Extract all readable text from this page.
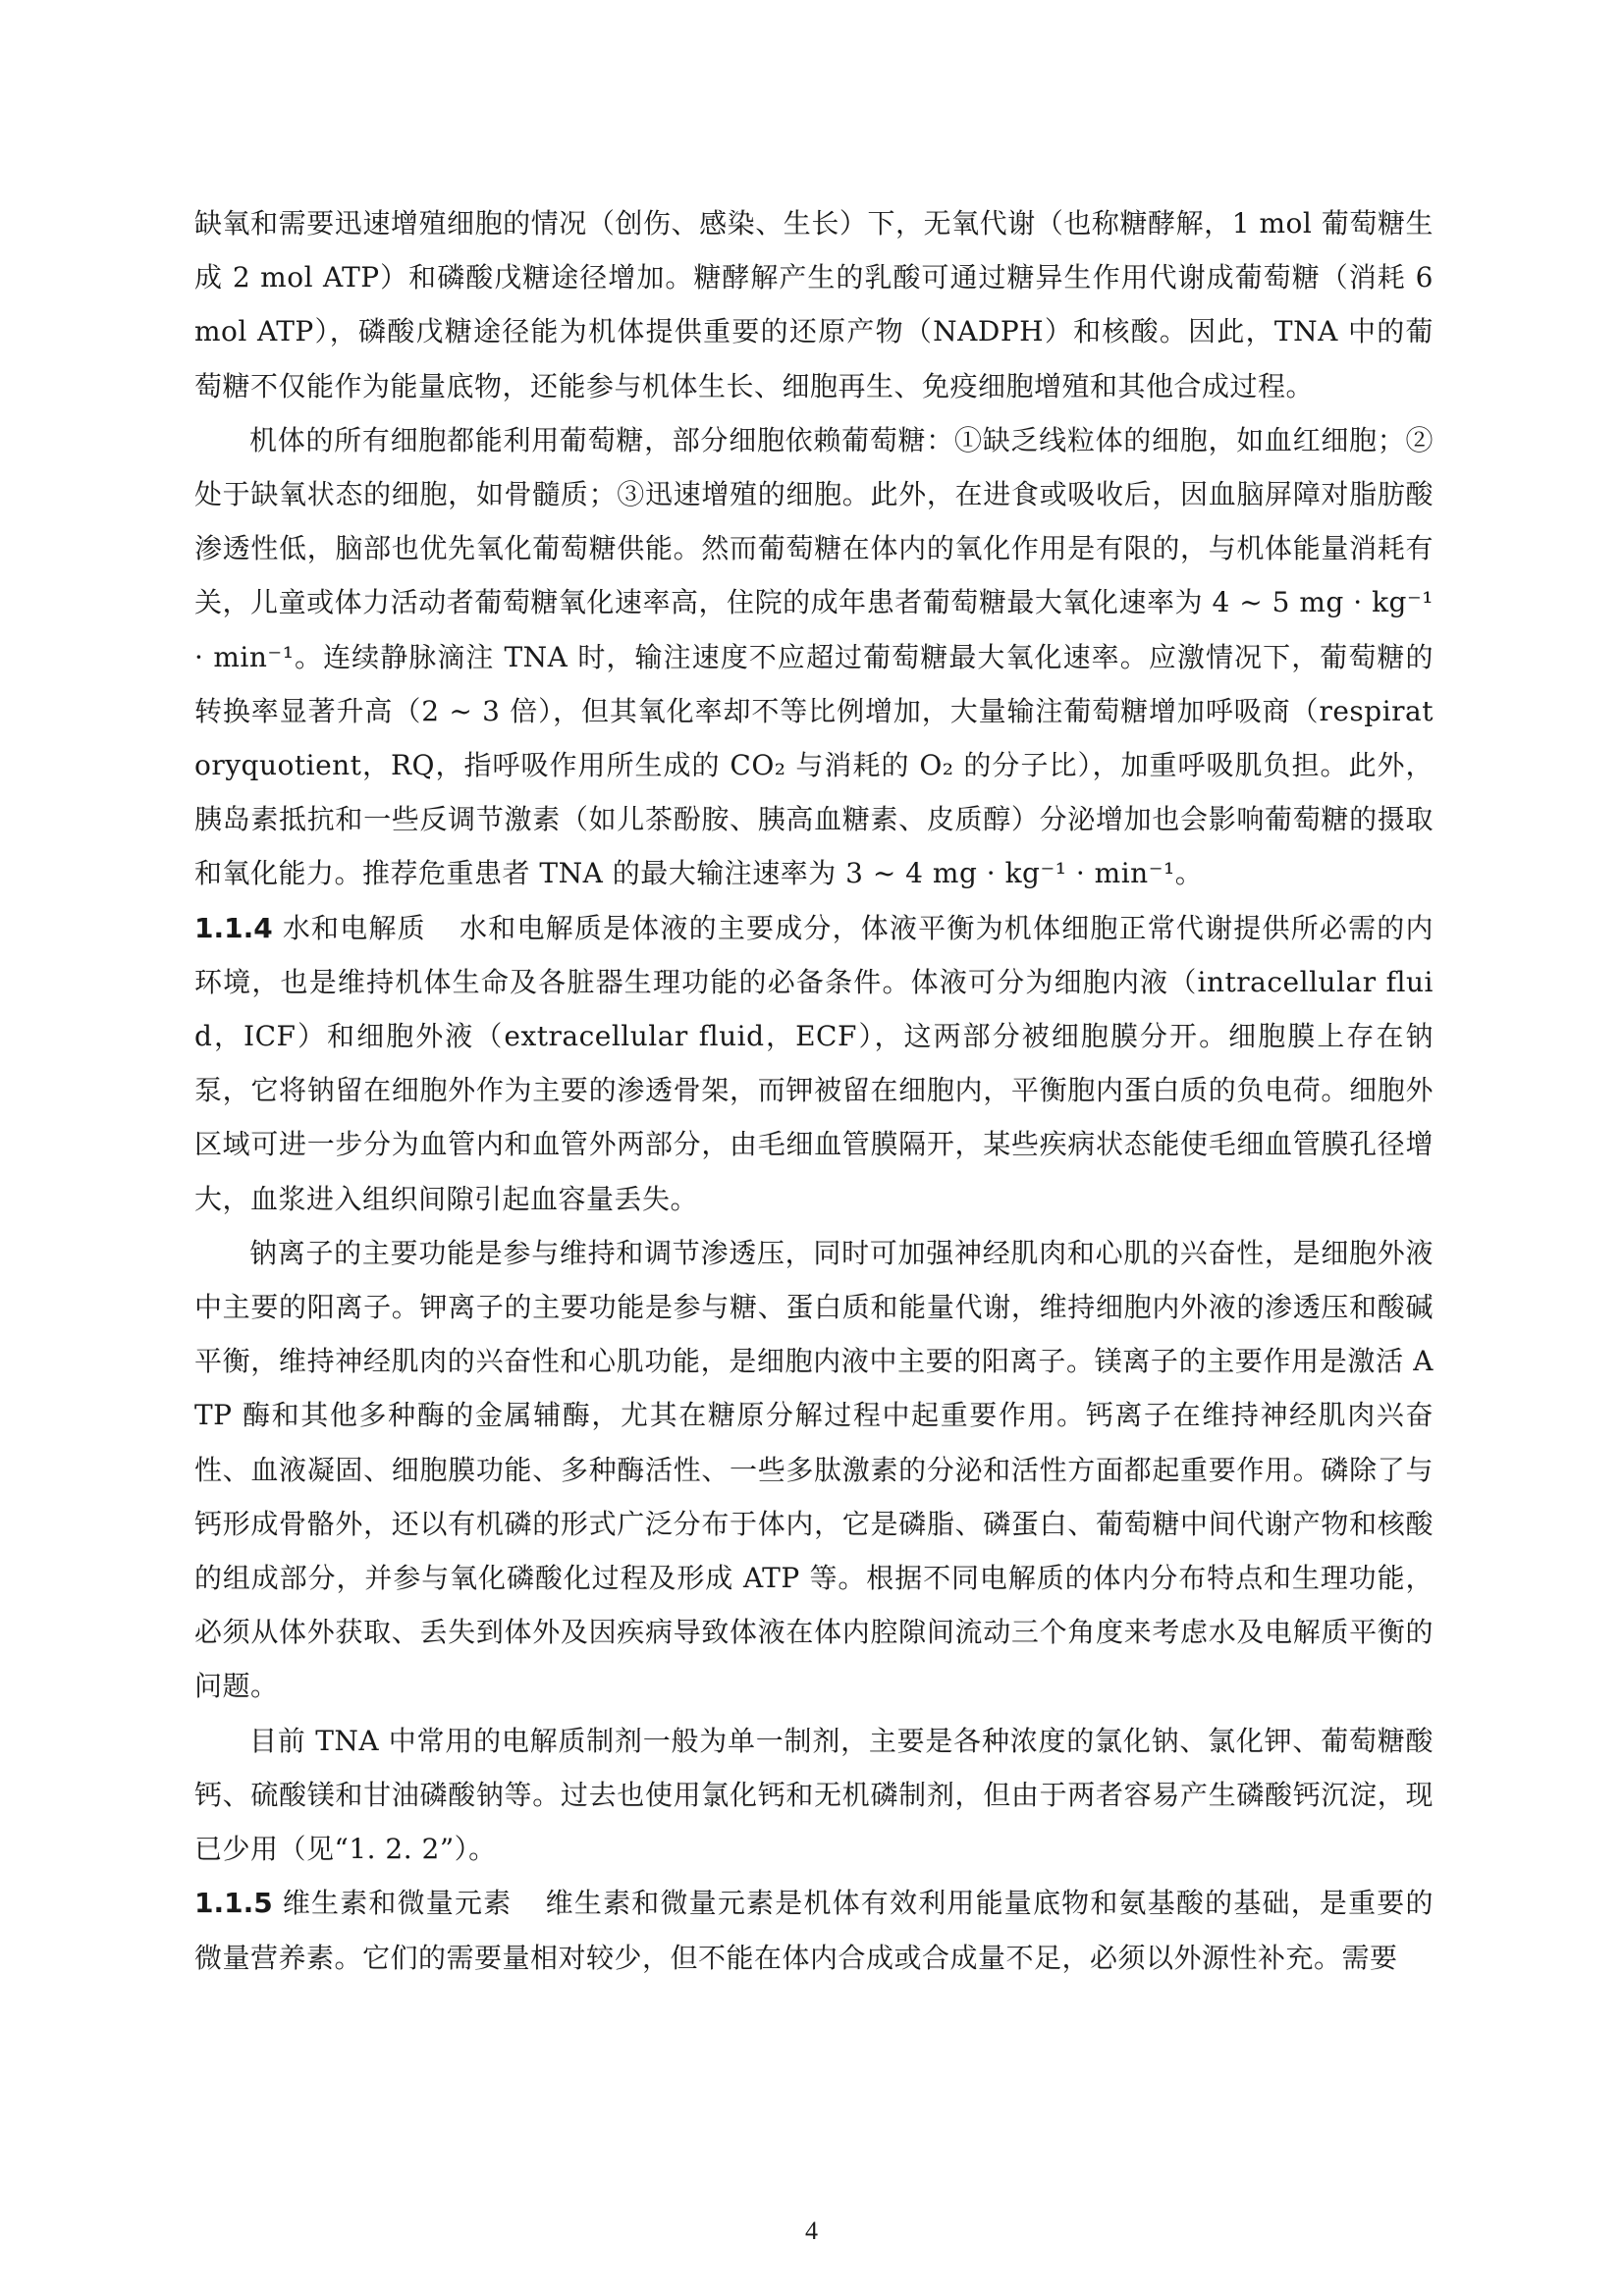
缺氧和需要迅速增殖细胞的情况（创伤、感染、生长）下，无氧代谢（也称糖酵解，1 mol 葡萄糖生成 2 mol ATP）和磷酸戊糖途径增加。糖酵解产生的乳酸可通过糖异生作用代谢成葡萄糖（消耗 6 mol ATP），磷酸戊糖途径能为机体提供重要的还原产物（NADPH）和核酸。因此，TNA 中的葡萄糖不仅能作为能量底物，还能参与机体生长、细胞再生、免疫细胞增殖和其他合成过程。

机体的所有细胞都能利用葡萄糖，部分细胞依赖葡萄糖：①缺乏线粒体的细胞，如血红细胞；②处于缺氧状态的细胞，如骨髓质；③迅速增殖的细胞。此外，在进食或吸收后，因血脑屏障对脂肪酸渗透性低，脑部也优先氧化葡萄糖供能。然而葡萄糖在体内的氧化作用是有限的，与机体能量消耗有关，儿童或体力活动者葡萄糖氧化速率高，住院的成年患者葡萄糖最大氧化速率为 4 ~ 5 mg · kg⁻¹ · min⁻¹。连续静脉滴注 TNA 时，输注速度不应超过葡萄糖最大氧化速率。应激情况下，葡萄糖的转换率显著升高（2 ~ 3 倍），但其氧化率却不等比例增加，大量输注葡萄糖增加呼吸商（respiratoryquotient，RQ，指呼吸作用所生成的 CO₂ 与消耗的 O₂ 的分子比），加重呼吸肌负担。此外，胰岛素抵抗和一些反调节激素（如儿茶酚胺、胰高血糖素、皮质醇）分泌增加也会影响葡萄糖的摄取和氧化能力。推荐危重患者 TNA 的最大输注速率为 3 ~ 4 mg · kg⁻¹ · min⁻¹。

1.1.4 水和电解质 水和电解质是体液的主要成分，体液平衡为机体细胞正常代谢提供所必需的内环境，也是维持机体生命及各脏器生理功能的必备条件。体液可分为细胞内液（intracellular fluid，ICF）和细胞外液（extracellular fluid，ECF），这两部分被细胞膜分开。细胞膜上存在钠泵，它将钠留在细胞外作为主要的渗透骨架，而钾被留在细胞内，平衡胞内蛋白质的负电荷。细胞外区域可进一步分为血管内和血管外两部分，由毛细血管膜隔开，某些疾病状态能使毛细血管膜孔径增大，血浆进入组织间隙引起血容量丢失。

钠离子的主要功能是参与维持和调节渗透压，同时可加强神经肌肉和心肌的兴奋性，是细胞外液中主要的阳离子。钾离子的主要功能是参与糖、蛋白质和能量代谢，维持细胞内外液的渗透压和酸碱平衡，维持神经肌肉的兴奋性和心肌功能，是细胞内液中主要的阳离子。镁离子的主要作用是激活 ATP 酶和其他多种酶的金属辅酶，尤其在糖原分解过程中起重要作用。钙离子在维持神经肌肉兴奋性、血液凝固、细胞膜功能、多种酶活性、一些多肽激素的分泌和活性方面都起重要作用。磷除了与钙形成骨骼外，还以有机磷的形式广泛分布于体内，它是磷脂、磷蛋白、葡萄糖中间代谢产物和核酸的组成部分，并参与氧化磷酸化过程及形成 ATP 等。根据不同电解质的体内分布特点和生理功能，必须从体外获取、丢失到体外及因疾病导致体液在体内腔隙间流动三个角度来考虑水及电解质平衡的问题。

目前 TNA 中常用的电解质制剂一般为单一制剂，主要是各种浓度的氯化钠、氯化钾、葡萄糖酸钙、硫酸镁和甘油磷酸钠等。过去也使用氯化钙和无机磷制剂，但由于两者容易产生磷酸钙沉淀，现已少用（见“1. 2. 2”）。

1.1.5 维生素和微量元素 维生素和微量元素是机体有效利用能量底物和氨基酸的基础，是重要的微量营养素。它们的需要量相对较少，但不能在体内合成或合成量不足，必须以外源性补充。需要

4
